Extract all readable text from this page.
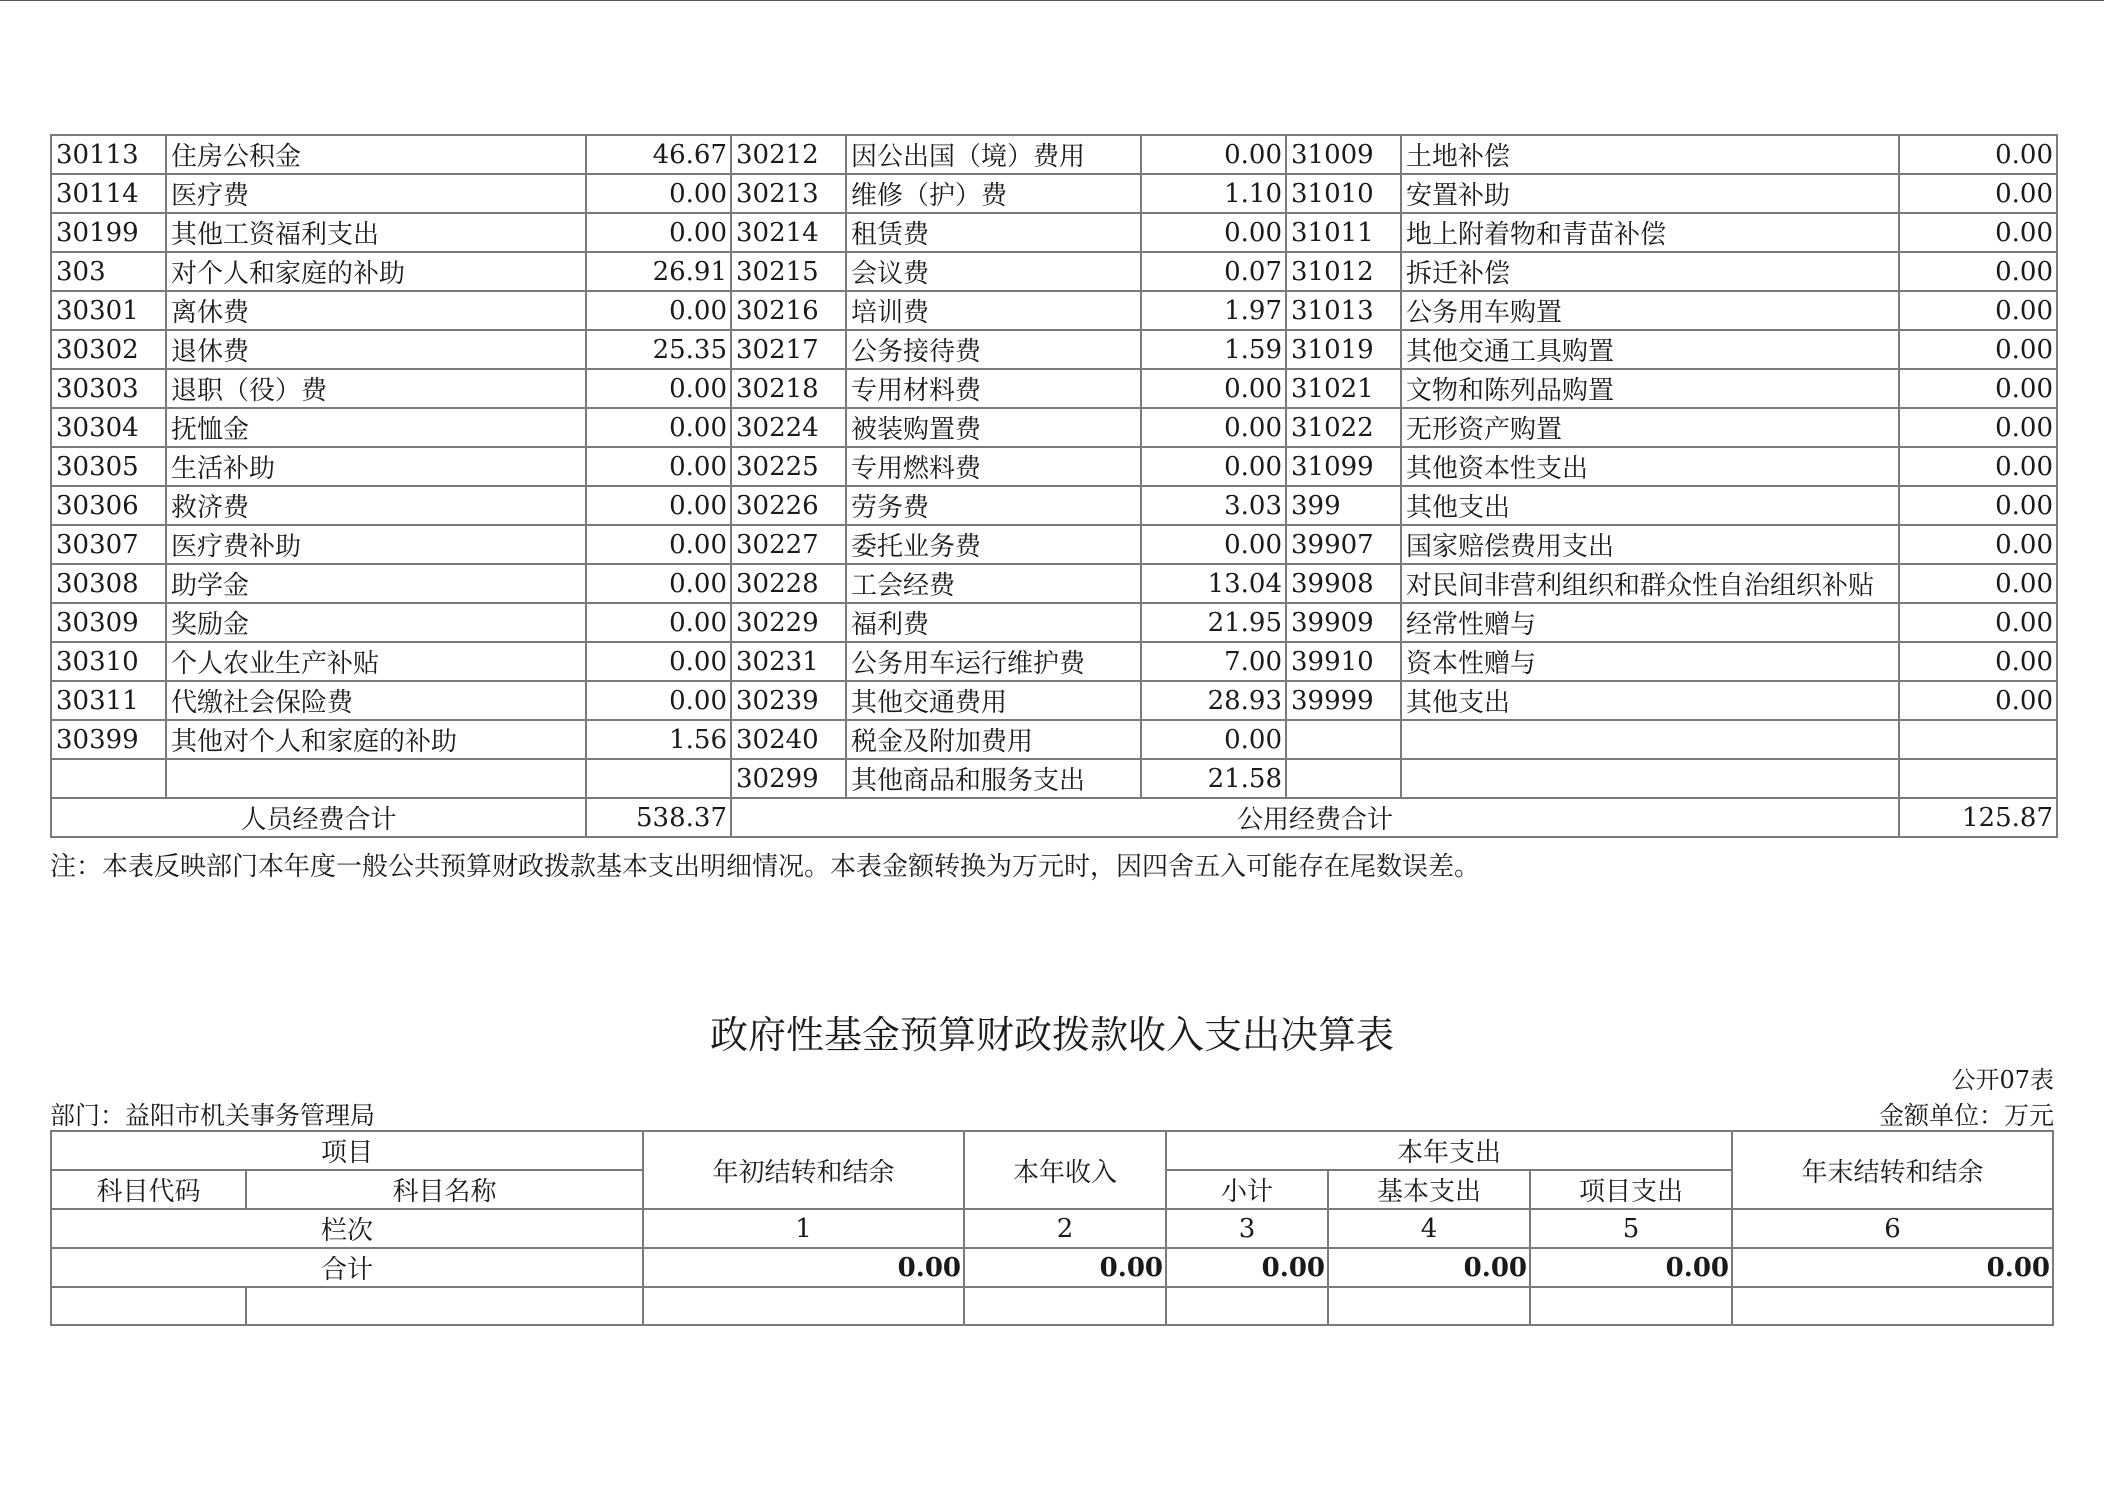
30113	住房公积金	46.67	30212	因公出国（境）费用	0.00	31009	土地补偿	0.00
30114	医疗费	0.00	30213	维修（护）费	1.10	31010	安置补助	0.00
30199	其他工资福利支出	0.00	30214	租赁费	0.00	31011	地上附着物和青苗补偿	0.00
303	对个人和家庭的补助	26.91	30215	会议费	0.07	31012	拆迁补偿	0.00
30301	离休费	0.00	30216	培训费	1.97	31013	公务用车购置	0.00
30302	退休费	25.35	30217	公务接待费	1.59	31019	其他交通工具购置	0.00
30303	退职（役）费	0.00	30218	专用材料费	0.00	31021	文物和陈列品购置	0.00
30304	抚恤金	0.00	30224	被装购置费	0.00	31022	无形资产购置	0.00
30305	生活补助	0.00	30225	专用燃料费	0.00	31099	其他资本性支出	0.00
30306	救济费	0.00	30226	劳务费	3.03	399	其他支出	0.00
30307	医疗费补助	0.00	30227	委托业务费	0.00	39907	国家赔偿费用支出	0.00
30308	助学金	0.00	30228	工会经费	13.04	39908	对民间非营利组织和群众性自治组织补贴	0.00
30309	奖励金	0.00	30229	福利费	21.95	39909	经常性赠与	0.00
30310	个人农业生产补贴	0.00	30231	公务用车运行维护费	7.00	39910	资本性赠与	0.00
30311	代缴社会保险费	0.00	30239	其他交通费用	28.93	39999	其他支出	0.00
30399	其他对个人和家庭的补助	1.56	30240	税金及附加费用	0.00			
			30299	其他商品和服务支出	21.58			
人员经费合计		538.37	公用经费合计					125.87
注：本表反映部门本年度一般公共预算财政拨款基本支出明细情况。本表金额转换为万元时，因四舍五入可能存在尾数误差。
政府性基金预算财政拨款收入支出决算表
公开07表
部门：益阳市机关事务管理局	金额单位：万元
项目		年初结转和结余	本年收入	本年支出			年末结转和结余
科目代码	科目名称			小计	基本支出	项目支出	
栏次		1	2	3	4	5	6
合计		0.00	0.00	0.00	0.00	0.00	0.00
